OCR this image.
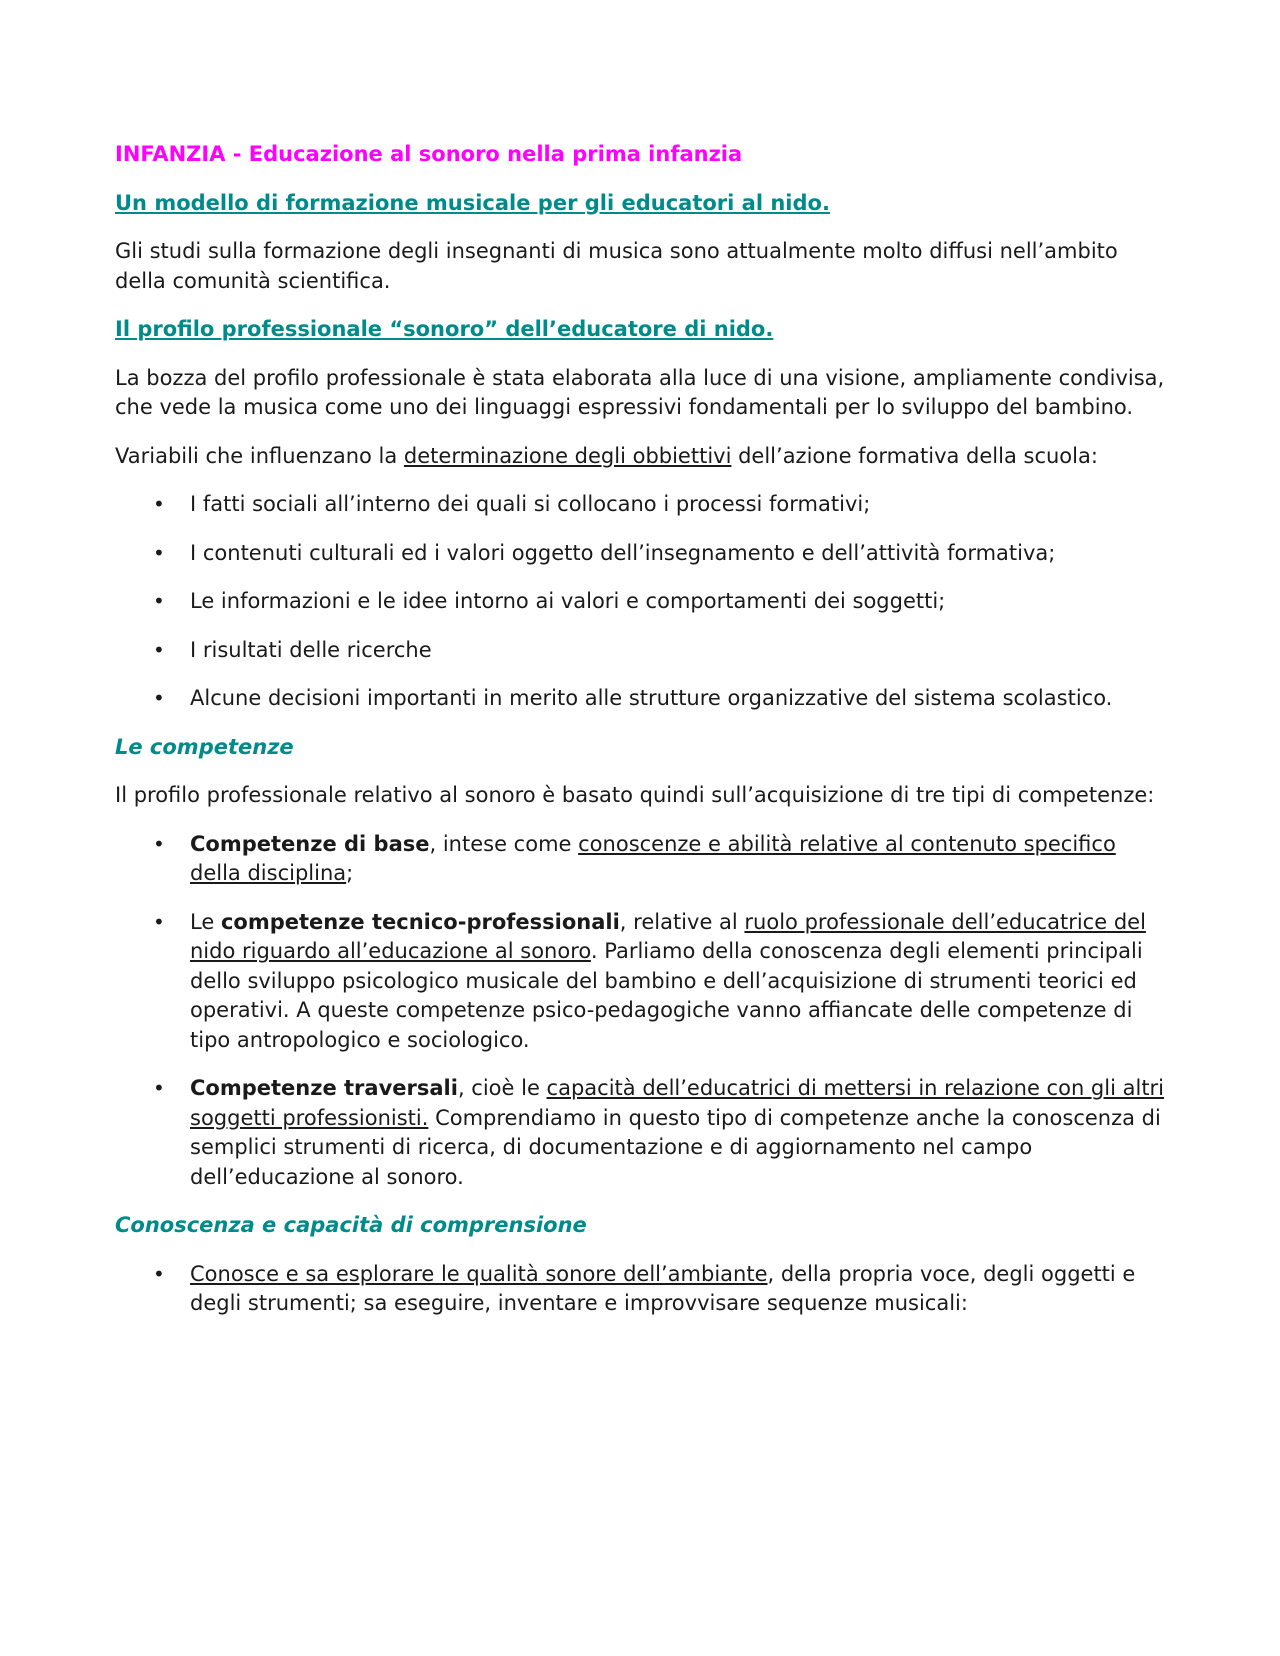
INFANZIA - Educazione al sonoro nella prima infanzia
Un modello di formazione musicale per gli educatori al nido.

Gli studi sulla formazione degli insegnanti di musica sono attualmente molto diffusi nell’ambito della comunità scientifica.

Il profilo professionale “sonoro” dell’educatore di nido.

La bozza del profilo professionale è stata elaborata alla luce di una visione, ampliamente condivisa, che vede la musica come uno dei linguaggi espressivi fondamentali per lo sviluppo del bambino.

Variabili che influenzano la determinazione degli obbiettivi dell’azione formativa della scuola:

• I fatti sociali all’interno dei quali si collocano i processi formativi;
• I contenuti culturali ed i valori oggetto dell’insegnamento e dell’attività formativa;
• Le informazioni e le idee intorno ai valori e comportamenti dei soggetti;
• I risultati delle ricerche
• Alcune decisioni importanti in merito alle strutture organizzative del sistema scolastico.
Le competenze

Il profilo professionale relativo al sonoro è basato quindi sull’acquisizione di tre tipi di competenze:

• Competenze di base, intese come conoscenze e abilità relative al contenuto specifico della disciplina;
• Le competenze tecnico-professionali, relative al ruolo professionale dell’educatrice del nido riguardo all’educazione al sonoro. Parliamo della conoscenza degli elementi principali dello sviluppo psicologico musicale del bambino e dell’acquisizione di strumenti teorici ed operativi. A queste competenze psico-pedagogiche vanno affiancate delle competenze di tipo antropologico e sociologico.
• Competenze traversali, cioè le capacità dell’educatrici di mettersi in relazione con gli altri soggetti professionisti. Comprendiamo in questo tipo di competenze anche la conoscenza di semplici strumenti di ricerca, di documentazione e di aggiornamento nel campo dell’educazione al sonoro.
Conoscenza e capacità di comprensione
• Conosce e sa esplorare le qualità sonore dell’ambiante, della propria voce, degli oggetti e degli strumenti; sa eseguire, inventare e improvvisare sequenze musicali:
